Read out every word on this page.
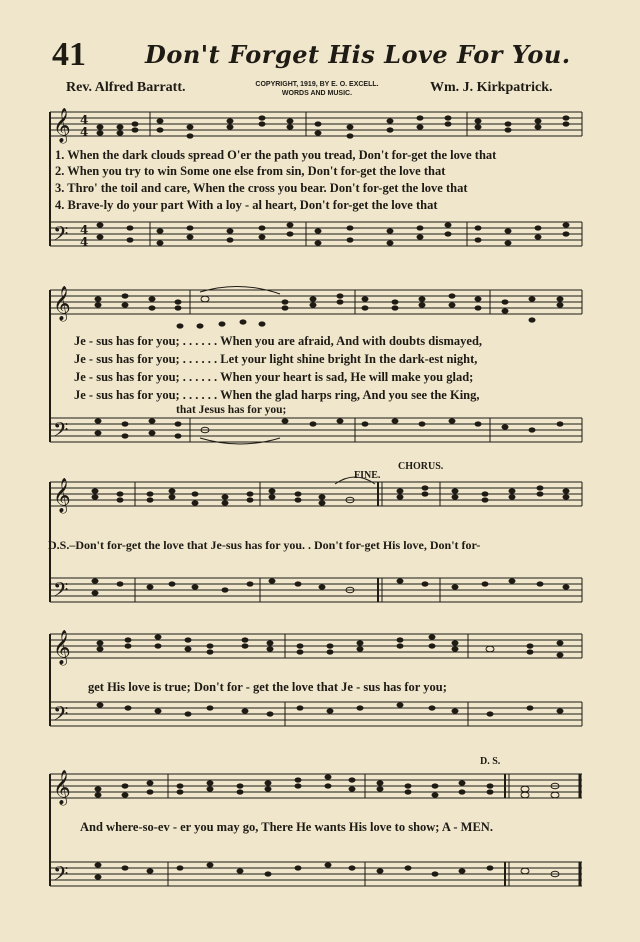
41 Don't Forget His Love For You.
Rev. Alfred Barratt.	COPYRIGHT, 1919, BY E. O. EXCELL.
WORDS AND MUSIC.	Wm. J. Kirkpatrick.
𝄞
𝄢
4
4
4
4
1. When the dark clouds spread O'er the path you tread, Don't for-get the love that
2. When you try to win Some one else from sin, Don't for-get the love that
3. Thro' the toil and care, When the cross you bear. Don't for-get the love that
4. Brave-ly do your part With a loy - al heart, Don't for-get the love that
𝄞
𝄢
Je - sus has for you; . . . . . . When you are afraid, And with doubts dismayed,
Je - sus has for you; . . . . . . Let your light shine bright In the dark-est night,
Je - sus has for you; . . . . . . When your heart is sad, He will make you glad;
Je - sus has for you; . . . . . . When the glad harps ring, And you see the King,
that Jesus has for you;
FINE.
CHORUS.
𝄞
𝄢
D.S.–Don't for-get the love that Je-sus has for you. . Don't for-get His love, Don't for-
𝄞
𝄢
get His love is true; Don't for - get the love that Je - sus has for you;
D. S.
𝄞
𝄢
And where-so-ev - er you may go, There He wants His love to show; A - MEN.
